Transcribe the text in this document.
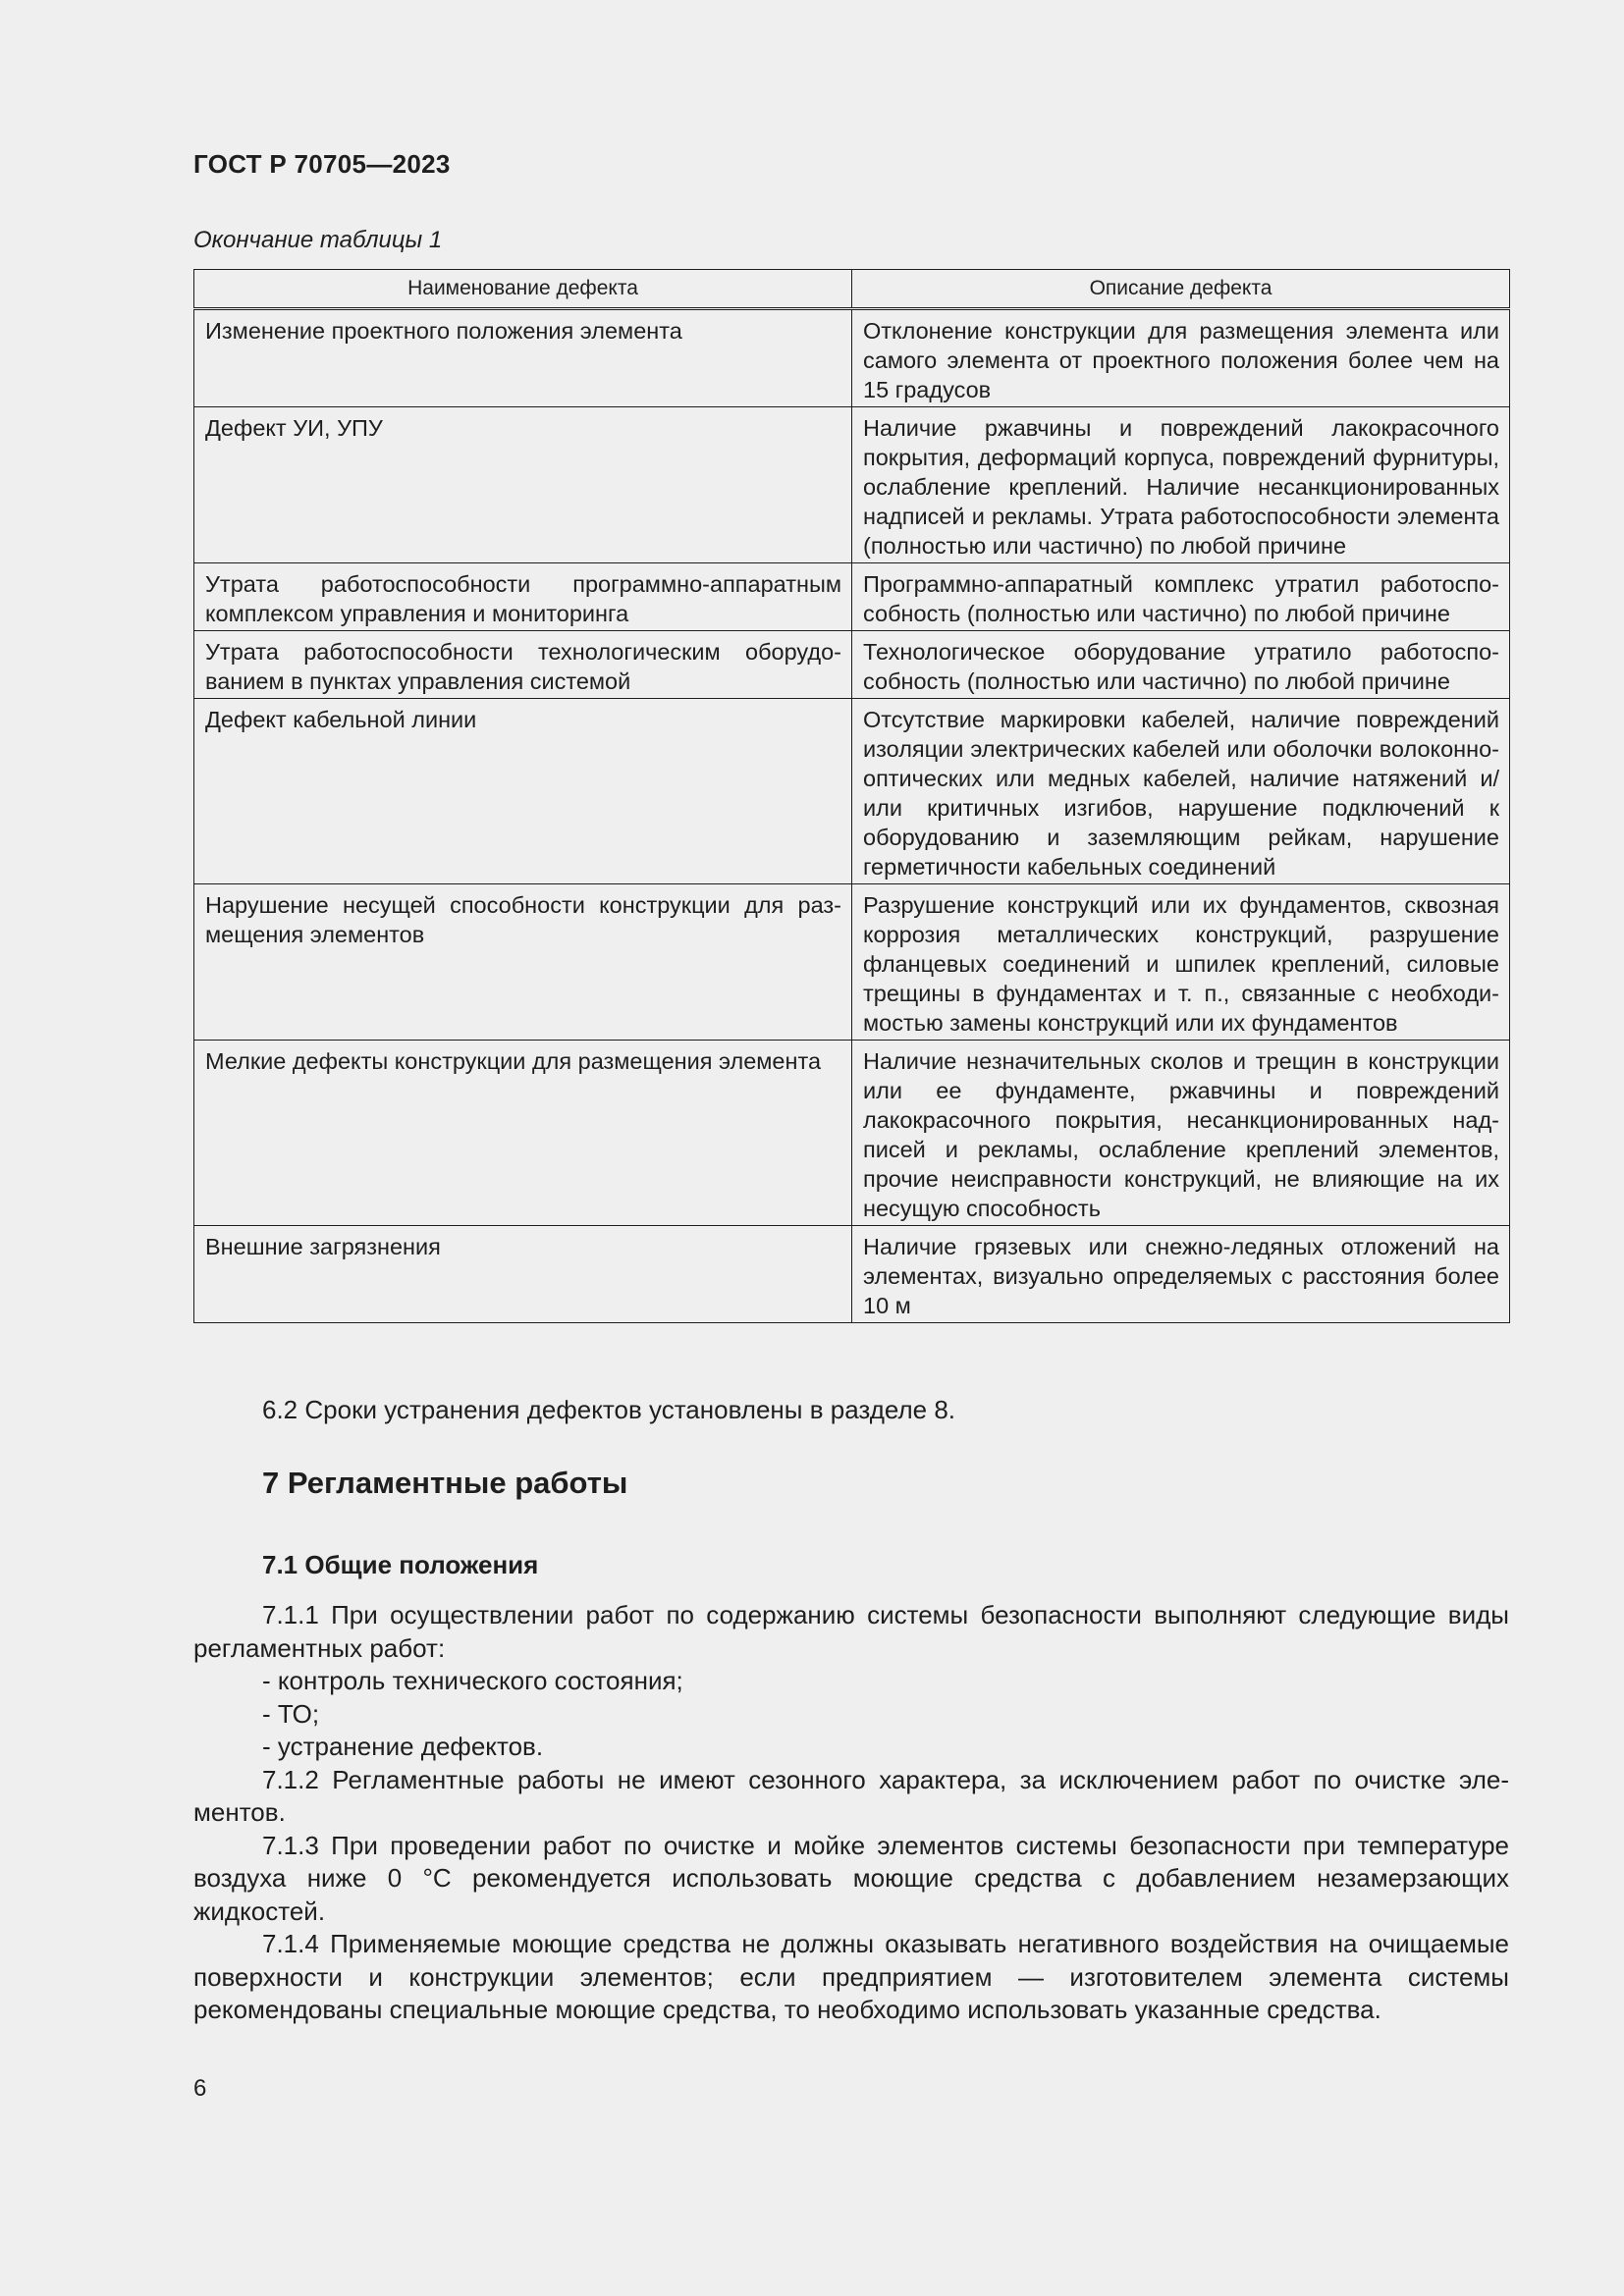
ГОСТ Р 70705—2023
Окончание таблицы 1
Наименование дефекта	Описание дефекта
Изменение проектного положения элемента	Отклонение конструкции для размещения элемента или самого элемента от проектного положения более чем на 15 градусов
Дефект УИ, УПУ	Наличие ржавчины и повреждений лакокрасочного покрытия, деформаций корпуса, повреждений фурнитуры, ослабление креплений. Наличие несанкционированных надписей и рекламы. Утрата работоспособности элемента (полностью или частично) по любой причине
Утрата работоспособности программно-аппаратным комплексом управления и мониторинга	Программно-аппаратный комплекс утратил работоспособность (полностью или частично) по любой причине
Утрата работоспособности технологическим оборудованием в пунктах управления системой	Технологическое оборудование утратило работоспособность (полностью или частично) по любой причине
Дефект кабельной линии	Отсутствие маркировки кабелей, наличие повреждений изоляции электрических кабелей или оболочки волоконно-оптических или медных кабелей, наличие натяжений и/или критичных изгибов, нарушение подключений к оборудованию и заземляющим рейкам, нарушение герметичности кабельных соединений
Нарушение несущей способности конструкции для размещения элементов	Разрушение конструкций или их фундаментов, сквозная коррозия металлических конструкций, разрушение фланцевых соединений и шпилек креплений, силовые трещины в фундаментах и т. п., связанные с необходимостью замены конструкций или их фундаментов
Мелкие дефекты конструкции для размещения элемента	Наличие незначительных сколов и трещин в конструкции или ее фундаменте, ржавчины и повреждений лакокрасочного покрытия, несанкционированных надписей и рекламы, ослабление креплений элементов, прочие неисправности конструкций, не влияющие на их несущую способность
Внешние загрязнения	Наличие грязевых или снежно-ледяных отложений на элементах, визуально определяемых с расстояния более 10 м

6.2 Сроки устранения дефектов установлены в разделе 8.

7 Регламентные работы
7.1 Общие положения

7.1.1 При осуществлении работ по содержанию системы безопасности выполняют следующие виды регламентных работ:

- контроль технического состояния;

- ТО;

- устранение дефектов.

7.1.2 Регламентные работы не имеют сезонного характера, за исключением работ по очистке элементов.

7.1.3 При проведении работ по очистке и мойке элементов системы безопасности при температуре воздуха ниже 0 °С рекомендуется использовать моющие средства с добавлением незамерзающих жидкостей.

7.1.4 Применяемые моющие средства не должны оказывать негативного воздействия на очищаемые поверхности и конструкции элементов; если предприятием — изготовителем элемента системы рекомендованы специальные моющие средства, то необходимо использовать указанные средства.

6
